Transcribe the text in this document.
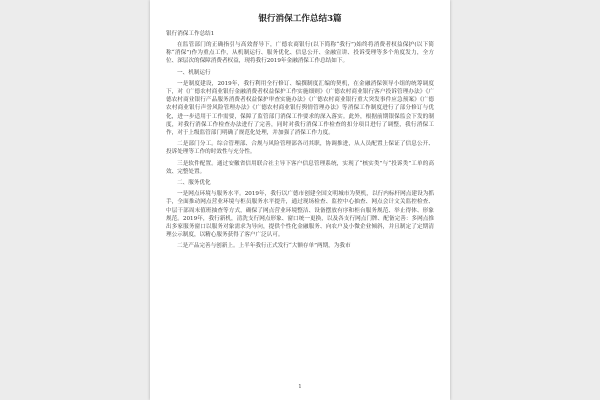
银行消保工作总结3篇
银行消保工作总结1
在监管部门的正确指引与高效督导下，广德农商银行(以下简称“我行”)始终将消费者权益保护(以下简称“消保”)作为重点工作，从机制运行、服务优化、信息公开、金融宣讲、投诉受理等多个角度发力，全方位、深层次的保障消费者权益，现将我行2019年金融消保工作总结如下。
一、机制运行
一是制度建设，2019年，我行利用全行修订、编撰制度汇编的契机，在金融消保领导小组的统筹调度下，对《广德农村商业银行金融消费者权益保护工作实施细则》《广德农村商业银行客户投诉管理办法》《广德农村商业银行产品服务消费者权益保护审查实施办法》《广德农村商业银行重大突发事件应急预案》《广德农村商业银行声誉风险管理办法》《广德农村商业银行舆情管理办法》等消保工作制度进行了部分修订与优化，进一步适用于工作需要，保障了监管部门消保工作要求的深入落实。此外，根据前期银保监会下发的制度，对我行消保工作检查办法进行了完善，同时对我行消保工作检查的扣分项目进行了调整，我行消保工作，对于上级监管部门明确了规范化处理，并加强了消保工作力度。
二是部门分工。综合管理部、合规与风险管理部各司其职，协调推进，从人员配置上保证了信息公开、投诉处理等工作的时效性与充分性。
三是软件配置。通过安徽省信用联合社主导下客户信息管理系统，实现了“核实类”与“投诉类”工单的高效、完整处置。
二、服务优化
一是网点环境与服务水平。2019年，我行以广德市创建全国文明城市为契机，以行内标杆网点建设为抓手，全面推动网点营业环境与柜员服务水平提升，通过现场检查、监控中心抽查、网点会计文关监控检查、中层干部周末值班抽查等方式，确保了网点营业环境整洁、设备摆放有序和柜台服务规范、举止得体、形象规范。2019年，我行新机，清洗支行网点形象、窗口统一更换，以及各支行网点门牌、配备完善：多网点推出多家服务窗口以服务对象需求为导向，提供个性化金融服务、向农户及小微企业倾斜，并且制定了定期清理公示制度，以精心服务获得了客户广泛认可。
二是产品完善与创新上。上半年我行正式发行“大额存单”两期，为我市
1
